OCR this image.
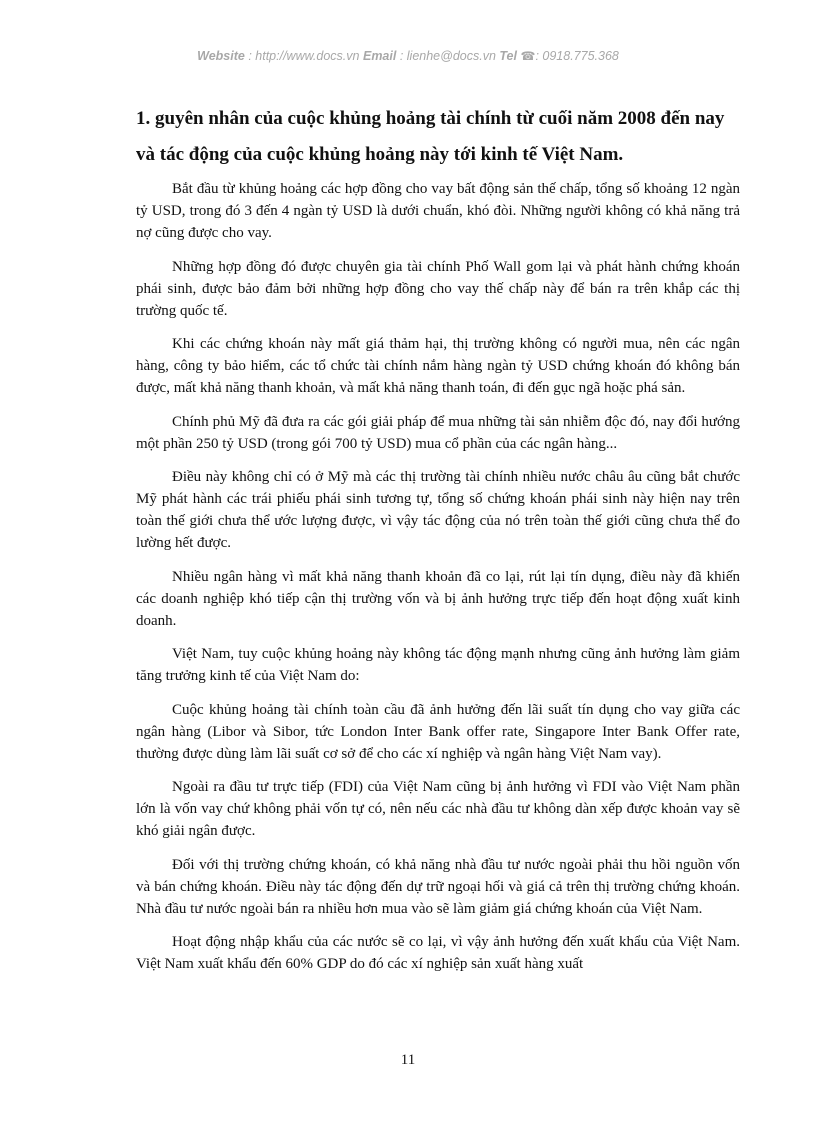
Website : http://www.docs.vn Email : lienhe@docs.vn Tel ☎: 0918.775.368
1. guyên nhân của cuộc khủng hoảng tài chính từ cuối năm 2008 đến nay và tác động của cuộc khủng hoảng này tới kinh tế Việt Nam.

Bắt đầu từ khủng hoảng các hợp đồng cho vay bất động sản thế chấp, tổng số khoảng 12 ngàn tỷ USD, trong đó 3 đến 4 ngàn tỷ USD là dưới chuẩn, khó đòi. Những người không có khả năng trả nợ cũng được cho vay.

Những hợp đồng đó được chuyên gia tài chính Phố Wall gom lại và phát hành chứng khoán phái sinh, được bảo đảm bởi những hợp đồng cho vay thế chấp này để bán ra trên khắp các thị trường quốc tế.

Khi các chứng khoán này mất giá thảm hại, thị trường không có người mua, nên các ngân hàng, công ty bảo hiểm, các tổ chức tài chính nắm hàng ngàn tỷ USD chứng khoán đó không bán được, mất khả năng thanh khoản, và mất khả năng thanh toán, đi đến gục ngã hoặc phá sản.

Chính phủ Mỹ đã đưa ra các gói giải pháp để mua những tài sản nhiễm độc đó, nay đổi hướng một phần 250 tỷ USD (trong gói 700 tỷ USD) mua cổ phần của các ngân hàng...

Điều này không chỉ có ở Mỹ mà các thị trường tài chính nhiều nước châu âu cũng bắt chước Mỹ phát hành các trái phiếu phái sinh tương tự, tổng số chứng khoán phái sinh này hiện nay trên toàn thế giới chưa thể ước lượng được, vì vậy tác động của nó trên toàn thế giới cũng chưa thể đo lường hết được.

Nhiều ngân hàng vì mất khả năng thanh khoản đã co lại, rút lại tín dụng, điều này đã khiến các doanh nghiệp khó tiếp cận thị trường vốn và bị ảnh hưởng trực tiếp đến hoạt động xuất kinh doanh.

Việt Nam, tuy cuộc khủng hoảng này không tác động mạnh nhưng cũng ảnh hưởng làm giảm tăng trưởng kinh tế của Việt Nam do:

Cuộc khủng hoảng tài chính toàn cầu đã ảnh hưởng đến lãi suất tín dụng cho vay giữa các ngân hàng (Libor và Sibor, tức London Inter Bank offer rate, Singapore Inter Bank Offer rate, thường được dùng làm lãi suất cơ sở để cho các xí nghiệp và ngân hàng Việt Nam vay).

Ngoài ra đầu tư trực tiếp (FDI) của Việt Nam cũng bị ảnh hưởng vì FDI vào Việt Nam phần lớn là vốn vay chứ không phải vốn tự có, nên nếu các nhà đầu tư không dàn xếp được khoản vay sẽ khó giải ngân được.

Đối với thị trường chứng khoán, có khả năng nhà đầu tư nước ngoài phải thu hồi nguồn vốn và bán chứng khoán. Điều này tác động đến dự trữ ngoại hối và giá cả trên thị trường chứng khoán. Nhà đầu tư nước ngoài bán ra nhiều hơn mua vào sẽ làm giảm giá chứng khoán của Việt Nam.

Hoạt động nhập khẩu của các nước sẽ co lại, vì vậy ảnh hưởng đến xuất khẩu của Việt Nam. Việt Nam xuất khẩu đến 60% GDP do đó các xí nghiệp sản xuất hàng xuất

11
